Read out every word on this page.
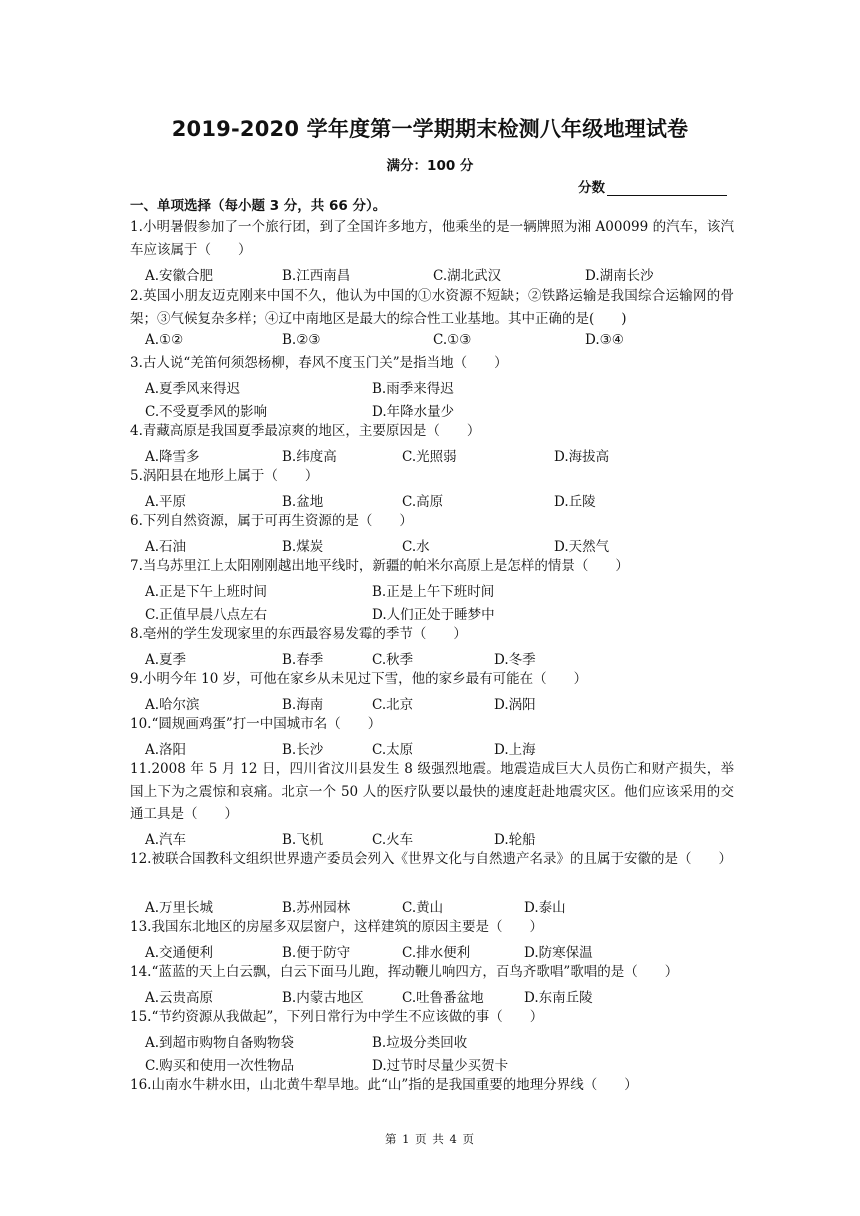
2019-2020 学年度第一学期期末检测八年级地理试卷
满分：100 分
分数
一、单项选择（每小题 3 分，共 66 分）。
1.小明暑假参加了一个旅行团，到了全国许多地方，他乘坐的是一辆牌照为湘 A00099 的汽车，该汽车应该属于（　　）
A.安徽合肥	B.江西南昌	C.湖北武汉	D.湖南长沙
2.英国小朋友迈克刚来中国不久，他认为中国的①水资源不短缺；②铁路运输是我国综合运输网的骨架；③气候复杂多样；④辽中南地区是最大的综合性工业基地。其中正确的是(　　)
A.①②	B.②③	C.①③	D.③④
3.古人说“羌笛何须怨杨柳，春风不度玉门关”是指当地（　　）
A.夏季风来得迟	B.雨季来得迟
C.不受夏季风的影响	D.年降水量少
4.青藏高原是我国夏季最凉爽的地区，主要原因是（　　）
A.降雪多	B.纬度高	C.光照弱	D.海拔高
5.涡阳县在地形上属于（　　）
A.平原	B.盆地	C.高原	D.丘陵
6.下列自然资源，属于可再生资源的是（　　）
A.石油	B.煤炭	C.水	D.天然气
7.当乌苏里江上太阳刚刚越出地平线时，新疆的帕米尔高原上是怎样的情景（　　）
A.正是下午上班时间	B.正是上午下班时间
C.正值早晨八点左右	D.人们正处于睡梦中
8.亳州的学生发现家里的东西最容易发霉的季节（　　）
A.夏季	B.春季	C.秋季	D.冬季
9.小明今年 10 岁，可他在家乡从未见过下雪，他的家乡最有可能在（　　）
A.哈尔滨	B.海南	C.北京	D.涡阳
10.“圆规画鸡蛋”打一中国城市名（　　）
A.洛阳	B.长沙	C.太原	D.上海
11.2008 年 5 月 12 日，四川省汶川县发生 8 级强烈地震。地震造成巨大人员伤亡和财产损失，举国上下为之震惊和哀痛。北京一个 50 人的医疗队要以最快的速度赶赴地震灾区。他们应该采用的交通工具是（　　）
A.汽车	B.飞机	C.火车	D.轮船
12.被联合国教科文组织世界遗产委员会列入《世界文化与自然遗产名录》的且属于安徽的是（　　）
A.万里长城	B.苏州园林	C.黄山	D.泰山
13.我国东北地区的房屋多双层窗户，这样建筑的原因主要是（　　）
A.交通便利	B.便于防守	C.排水便利	D.防寒保温
14.“蓝蓝的天上白云飘，白云下面马儿跑，挥动鞭儿响四方，百鸟齐歌唱”歌唱的是（　　）
A.云贵高原	B.内蒙古地区	C.吐鲁番盆地	D.东南丘陵
15.“节约资源从我做起”，下列日常行为中学生不应该做的事（　　）
A.到超市购物自备购物袋	B.垃圾分类回收
C.购买和使用一次性物品	D.过节时尽量少买贺卡
16.山南水牛耕水田，山北黄牛犁旱地。此“山”指的是我国重要的地理分界线（　　）
第 1 页 共 4 页
